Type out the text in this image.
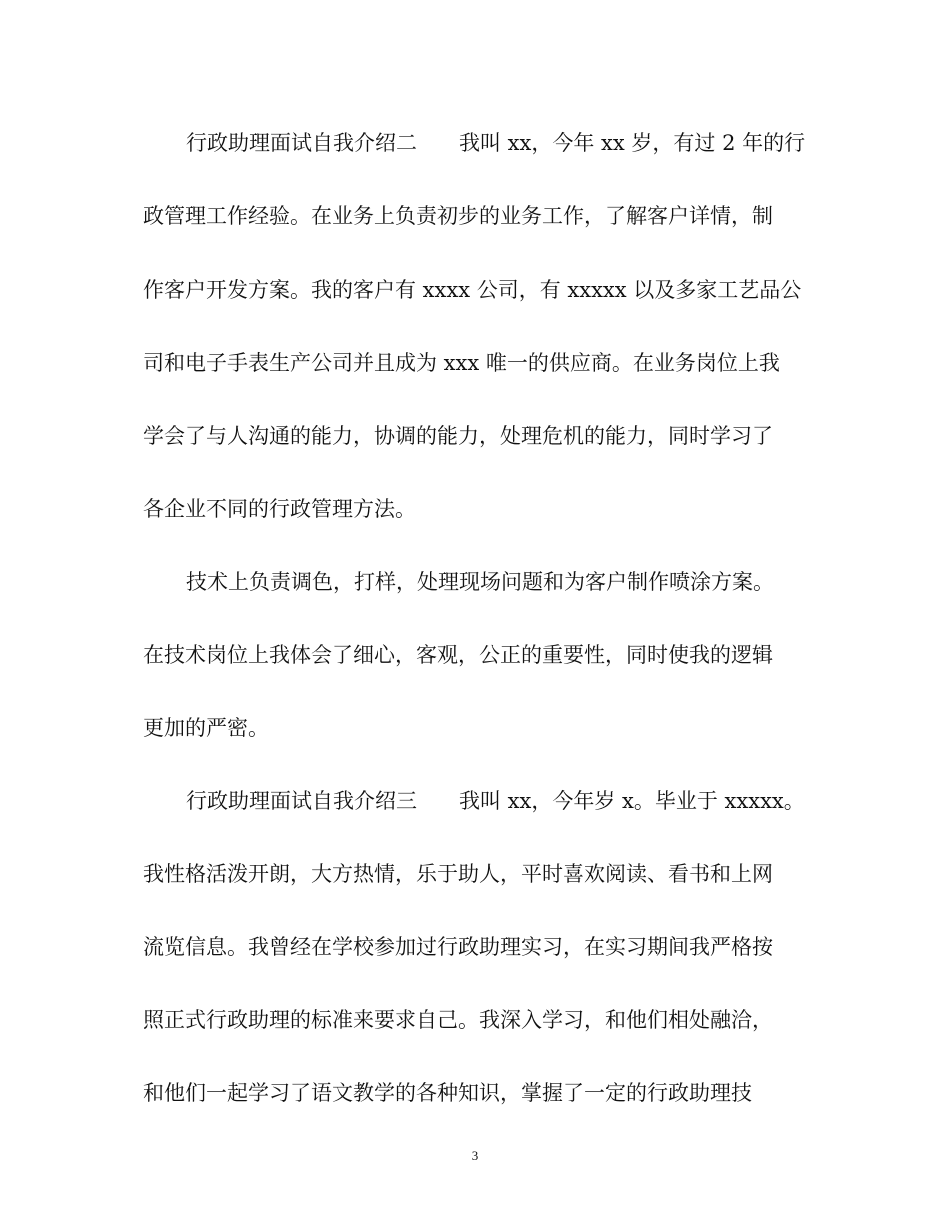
行政助理面试自我介绍二 我叫 xx，今年 xx 岁，有过 2 年的行
政管理工作经验。在业务上负责初步的业务工作，了解客户详情，制
作客户开发方案。我的客户有 xxxx 公司，有 xxxxx 以及多家工艺品公
司和电子手表生产公司并且成为 xxx 唯一的供应商。在业务岗位上我
学会了与人沟通的能力，协调的能力，处理危机的能力，同时学习了
各企业不同的行政管理方法。
技术上负责调色，打样，处理现场问题和为客户制作喷涂方案。
在技术岗位上我体会了细心，客观，公正的重要性，同时使我的逻辑
更加的严密。
行政助理面试自我介绍三 我叫 xx，今年岁 x。毕业于 xxxxx。
我性格活泼开朗，大方热情，乐于助人，平时喜欢阅读、看书和上网
流览信息。我曾经在学校参加过行政助理实习，在实习期间我严格按
照正式行政助理的标准来要求自己。我深入学习，和他们相处融洽，
和他们一起学习了语文教学的各种知识，掌握了一定的行政助理技
3
